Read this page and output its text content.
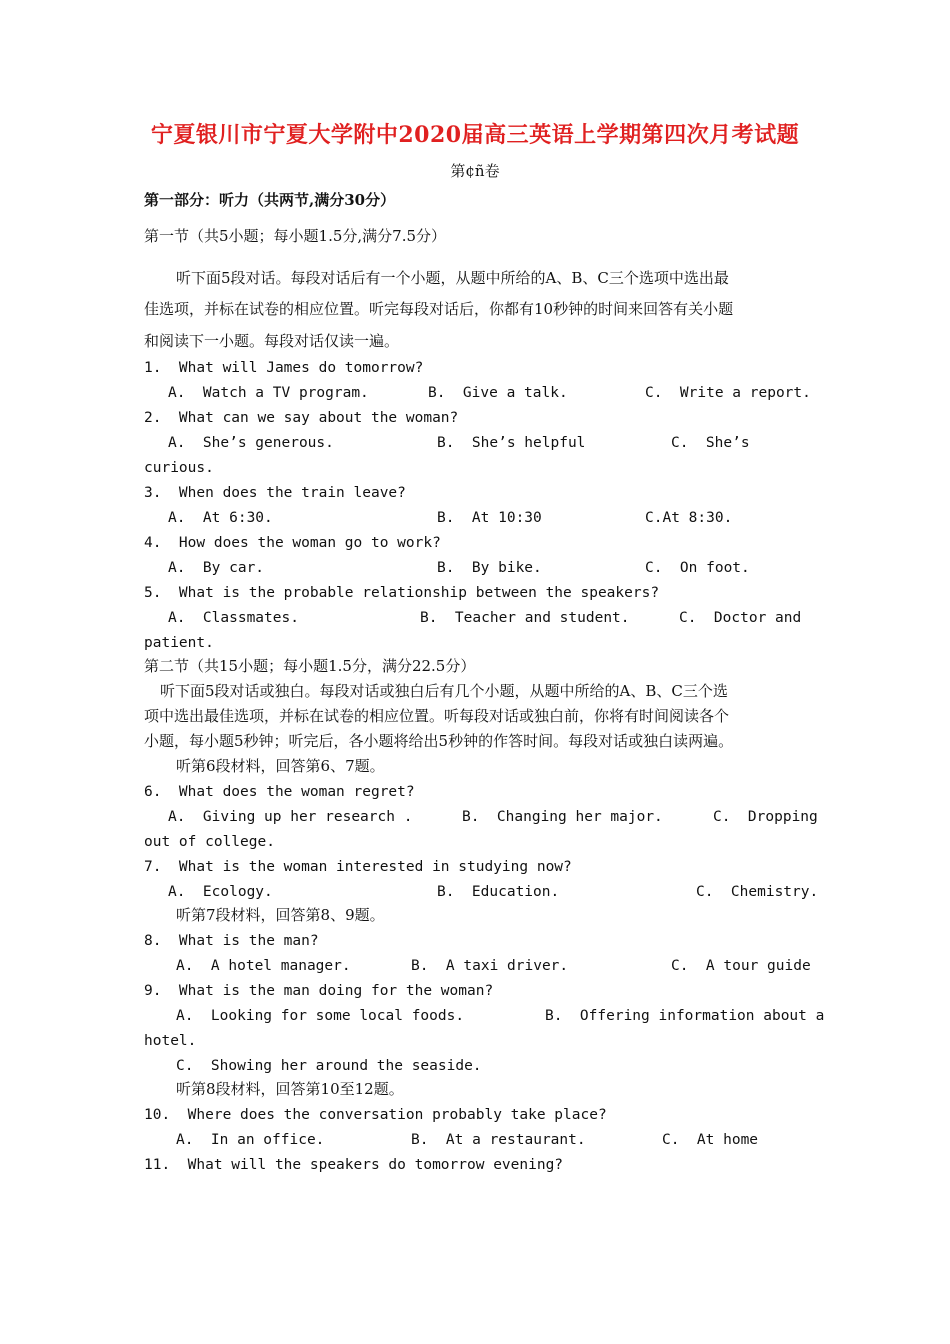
宁夏银川市宁夏大学附中2020届高三英语上学期第四次月考试题
第¢ñ卷
第一部分：听力（共两节,满分30分）
第一节（共5小题；每小题1.5分,满分7.5分）
听下面5段对话。每段对话后有一个小题，从题中所给的A、B、C三个选项中选出最
佳选项，并标在试卷的相应位置。听完每段对话后，你都有10秒钟的时间来回答有关小题
和阅读下一小题。每段对话仅读一遍。
1.  What will James do tomorrow?
A.  Watch a TV program.	B.  Give a talk.	C.  Write a report.
2.  What can we say about the woman?
A.  She’s generous.	B.  She’s helpful	C.  She’s
curious.
3.  When does the train leave?
A.  At 6:30.	B.  At 10:30	C.At 8:30.
4.  How does the woman go to work?
A.  By car.	B.  By bike.	C.  On foot.
5.  What is the probable relationship between the speakers?
A.  Classmates.	B.  Teacher and student.	C.  Doctor and
patient.
第二节（共15小题；每小题1.5分，满分22.5分）
听下面5段对话或独白。每段对话或独白后有几个小题，从题中所给的A、B、C三个选
项中选出最佳选项，并标在试卷的相应位置。听每段对话或独白前，你将有时间阅读各个
小题，每小题5秒钟；听完后，各小题将给出5秒钟的作答时间。每段对话或独白读两遍。
听第6段材料，回答第6、7题。
6.  What does the woman regret?
A.  Giving up her research .	B.  Changing her major.	C.  Dropping
out of college.
7.  What is the woman interested in studying now?
A.  Ecology.	B.  Education.	C.  Chemistry.
听第7段材料，回答第8、9题。
8.  What is the man?
A.  A hotel manager.	B.  A taxi driver.	C.  A tour guide
9.  What is the man doing for the woman?
A.  Looking for some local foods.	B.  Offering information about a
hotel.
C.  Showing her around the seaside.
听第8段材料，回答第10至12题。
10.  Where does the conversation probably take place?
A.  In an office.	B.  At a restaurant.	C.  At home
11.  What will the speakers do tomorrow evening?
